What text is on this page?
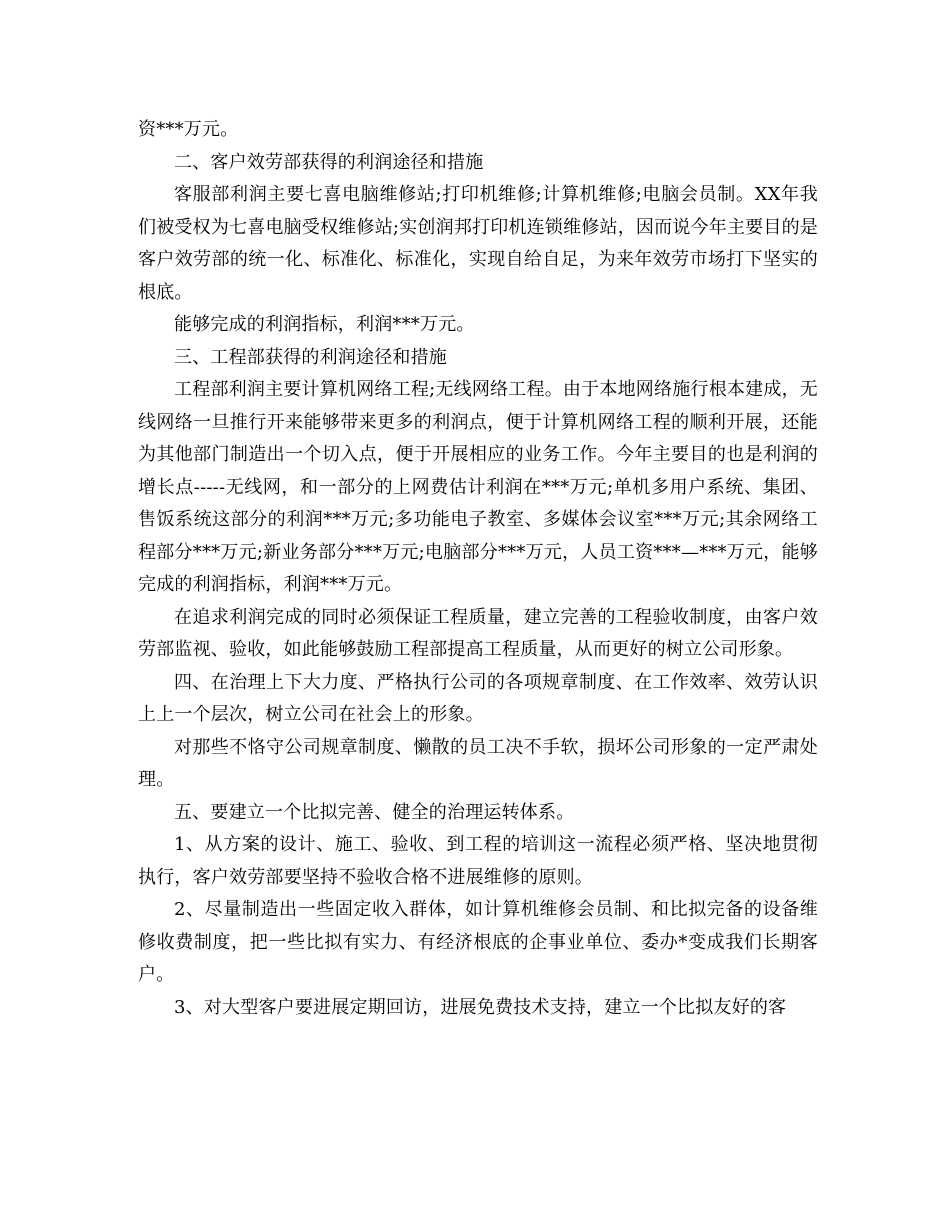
资***万元。

二、客户效劳部获得的利润途径和措施

客服部利润主要七喜电脑维修站;打印机维修;计算机维修;电脑会员制。XX年我们被受权为七喜电脑受权维修站;实创润邦打印机连锁维修站，因而说今年主要目的是客户效劳部的统一化、标准化、标准化，实现自给自足，为来年效劳市场打下坚实的根底。

能够完成的利润指标，利润***万元。

三、工程部获得的利润途径和措施

工程部利润主要计算机网络工程;无线网络工程。由于本地网络施行根本建成，无线网络一旦推行开来能够带来更多的利润点，便于计算机网络工程的顺利开展，还能为其他部门制造出一个切入点，便于开展相应的业务工作。今年主要目的也是利润的增长点-----无线网，和一部分的上网费估计利润在***万元;单机多用户系统、集团、售饭系统这部分的利润***万元;多功能电子教室、多媒体会议室***万元;其余网络工程部分***万元;新业务部分***万元;电脑部分***万元，人员工资***—***万元，能够完成的利润指标，利润***万元。

在追求利润完成的同时必须保证工程质量，建立完善的工程验收制度，由客户效劳部监视、验收，如此能够鼓励工程部提高工程质量，从而更好的树立公司形象。

四、在治理上下大力度、严格执行公司的各项规章制度、在工作效率、效劳认识上上一个层次，树立公司在社会上的形象。

对那些不恪守公司规章制度、懒散的员工决不手软，损坏公司形象的一定严肃处理。

五、要建立一个比拟完善、健全的治理运转体系。

1、从方案的设计、施工、验收、到工程的培训这一流程必须严格、坚决地贯彻执行，客户效劳部要坚持不验收合格不进展维修的原则。

2、尽量制造出一些固定收入群体，如计算机维修会员制、和比拟完备的设备维修收费制度，把一些比拟有实力、有经济根底的企事业单位、委办*变成我们长期客户。

3、对大型客户要进展定期回访，进展免费技术支持，建立一个比拟友好的客
